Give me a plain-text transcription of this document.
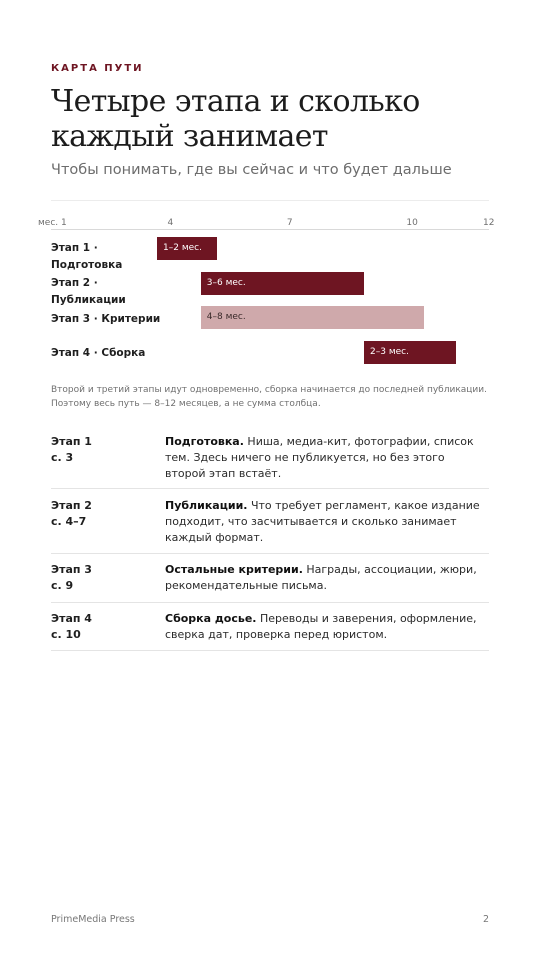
КАРТА ПУТИ
Четыре этапа и сколько каждый занимает
Чтобы понимать, где вы сейчас и что будет дальше
мес. 1	4	7	10	12
Этап 1 · Подготовка
1–2 мес.
Этап 2 · Публикации
3–6 мес.
Этап 3 · Критерии	4–8 мес.
Этап 4 · Сборка	2–3 мес.
Второй и третий этапы идут одновременно, сборка начинается до последней публикации. Поэтому весь путь — 8–12 месяцев, а не сумма столбца.
Этап 1
с. 3
Подготовка. Ниша, медиа-кит, фотографии, список тем. Здесь ничего не публикуется, но без этого второй этап встаёт.
Этап 2
с. 4–7
Публикации. Что требует регламент, какое издание подходит, что засчитывается и сколько занимает каждый формат.
Этап 3
с. 9
Остальные критерии. Награды, ассоциации, жюри, рекомендательные письма.
Этап 4
с. 10
Сборка досье. Переводы и заверения, оформление, сверка дат, проверка перед юристом.
PrimeMedia Press	2
